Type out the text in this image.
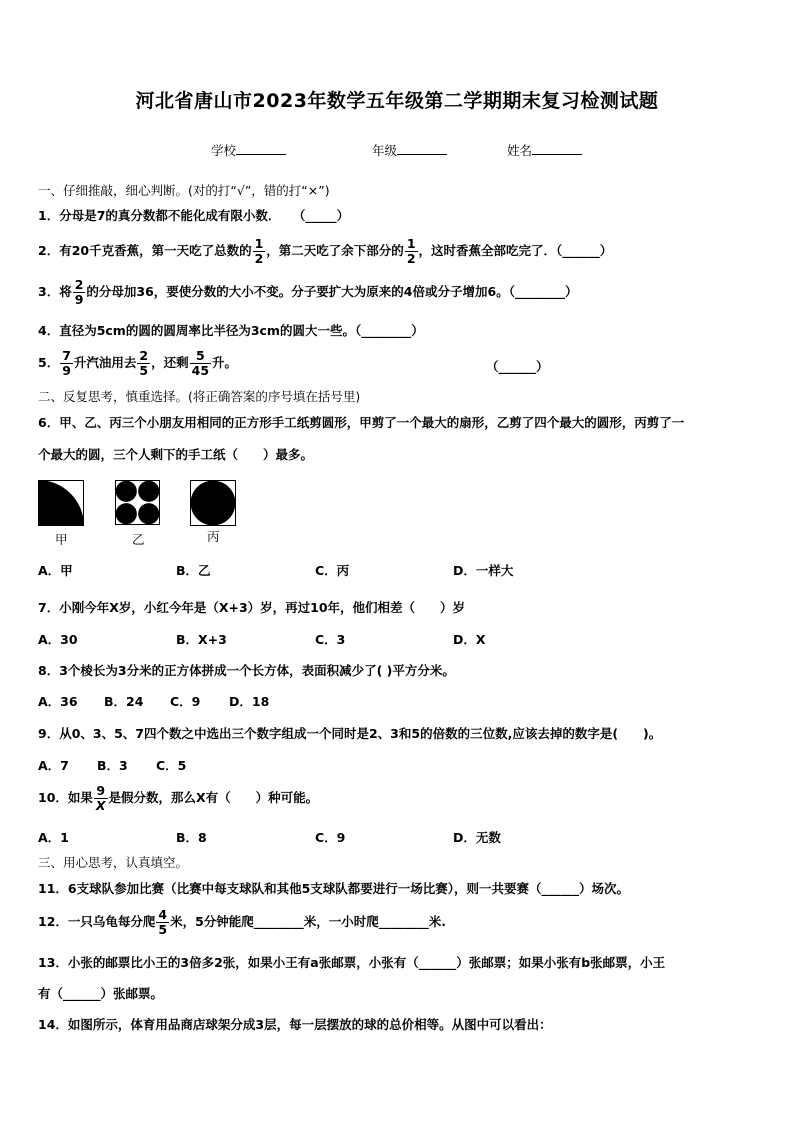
河北省唐山市2023年数学五年级第二学期期末复习检测试题
学校	年级	姓名
一、仔细推敲，细心判断。(对的打“√”，错的打“×”)
1．分母是7的真分数都不能化成有限小数．　　（_____）
2．有20千克香蕉，第一天吃了总数的 $\frac{1}{2}$ ，第二天吃了余下部分的 $\frac{1}{2}$ ，这时香蕉全部吃完了．（______）
3．将 $\frac{2}{9}$ 的分母加36，要使分数的大小不变。分子要扩大为原来的4倍或分子增加6。（________）
4．直径为5cm的圆的圆周率比半径为3cm的圆大一些。（________）
5． $\frac{7}{9}$ 升汽油用去 $\frac{2}{5}$ ，还剩 $\frac{5}{45}$ 升。	（______）
二、反复思考，慎重选择。(将正确答案的序号填在括号里)
6．甲、乙、丙三个小朋友用相同的正方形手工纸剪圆形，甲剪了一个最大的扇形，乙剪了四个最大的圆形，丙剪了一
个最大的圆，三个人剩下的手工纸（　　）最多。
甲	乙	丙
A．甲	B．乙	C．丙	D．一样大
7．小刚今年X岁，小红今年是（X+3）岁，再过10年，他们相差（　　）岁
A．30	B．X+3	C．3	D．X
8．3个棱长为3分米的正方体拼成一个长方体，表面积减少了( )平方分米。
A．36 B．24 C．9 D．18
9．从0、3、5、7四个数之中选出三个数字组成一个同时是2、3和5的倍数的三位数,应该去掉的数字是(　　)。
A．7 B．3 C．5
10．如果 $\frac{9}{X}$ 是假分数，那么X有（　　）种可能。
A．1	B．8	C．9	D．无数
三、用心思考，认真填空。
11．6支球队参加比赛（比赛中每支球队和其他5支球队都要进行一场比赛），则一共要赛（______）场次。
12．一只乌龟每分爬 $\frac{4}{5}$ 米，5分钟能爬________米，一小时爬________米.
13．小张的邮票比小王的3倍多2张，如果小王有a张邮票，小张有（______）张邮票；如果小张有b张邮票，小王
有（______）张邮票。
14．如图所示，体育用品商店球架分成3层，每一层摆放的球的总价相等。从图中可以看出：
